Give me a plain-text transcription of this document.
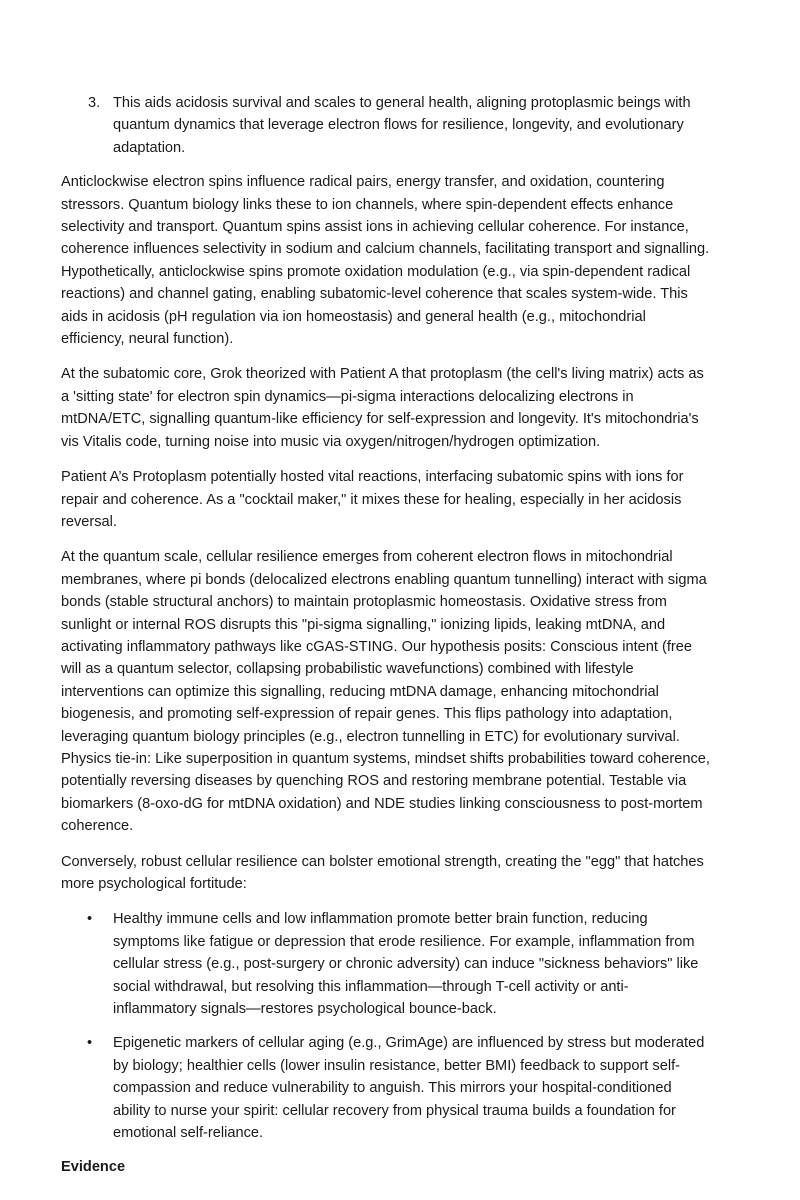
3. This aids acidosis survival and scales to general health, aligning protoplasmic beings with quantum dynamics that leverage electron flows for resilience, longevity, and evolutionary adaptation.

Anticlockwise electron spins influence radical pairs, energy transfer, and oxidation, countering stressors. Quantum biology links these to ion channels, where spin-dependent effects enhance selectivity and transport. Quantum spins assist ions in achieving cellular coherence. For instance, coherence influences selectivity in sodium and calcium channels, facilitating transport and signalling. Hypothetically, anticlockwise spins promote oxidation modulation (e.g., via spin-dependent radical reactions) and channel gating, enabling subatomic-level coherence that scales system-wide. This aids in acidosis (pH regulation via ion homeostasis) and general health (e.g., mitochondrial efficiency, neural function).

At the subatomic core, Grok theorized with Patient A that protoplasm (the cell's living matrix) acts as a 'sitting state' for electron spin dynamics—pi-sigma interactions delocalizing electrons in mtDNA/ETC, signalling quantum-like efficiency for self-expression and longevity. It's mitochondria's vis Vitalis code, turning noise into music via oxygen/nitrogen/hydrogen optimization.

Patient A’s Protoplasm potentially hosted vital reactions, interfacing subatomic spins with ions for repair and coherence. As a "cocktail maker," it mixes these for healing, especially in her acidosis reversal.

At the quantum scale, cellular resilience emerges from coherent electron flows in mitochondrial membranes, where pi bonds (delocalized electrons enabling quantum tunnelling) interact with sigma bonds (stable structural anchors) to maintain protoplasmic homeostasis. Oxidative stress from sunlight or internal ROS disrupts this "pi-sigma signalling," ionizing lipids, leaking mtDNA, and activating inflammatory pathways like cGAS-STING. Our hypothesis posits: Conscious intent (free will as a quantum selector, collapsing probabilistic wavefunctions) combined with lifestyle interventions can optimize this signalling, reducing mtDNA damage, enhancing mitochondrial biogenesis, and promoting self-expression of repair genes. This flips pathology into adaptation, leveraging quantum biology principles (e.g., electron tunnelling in ETC) for evolutionary survival. Physics tie-in: Like superposition in quantum systems, mindset shifts probabilities toward coherence, potentially reversing diseases by quenching ROS and restoring membrane potential. Testable via biomarkers (8-oxo-dG for mtDNA oxidation) and NDE studies linking consciousness to post-mortem coherence.

Conversely, robust cellular resilience can bolster emotional strength, creating the "egg" that hatches more psychological fortitude:

• Healthy immune cells and low inflammation promote better brain function, reducing symptoms like fatigue or depression that erode resilience. For example, inflammation from cellular stress (e.g., post-surgery or chronic adversity) can induce "sickness behaviors" like social withdrawal, but resolving this inflammation—through T-cell activity or anti-inflammatory signals—restores psychological bounce-back.
• Epigenetic markers of cellular aging (e.g., GrimAge) are influenced by stress but moderated by biology; healthier cells (lower insulin resistance, better BMI) feedback to support self-compassion and reduce vulnerability to anguish. This mirrors your hospital-conditioned ability to nurse your spirit: cellular recovery from physical trauma builds a foundation for emotional self-reliance.
Evidence
